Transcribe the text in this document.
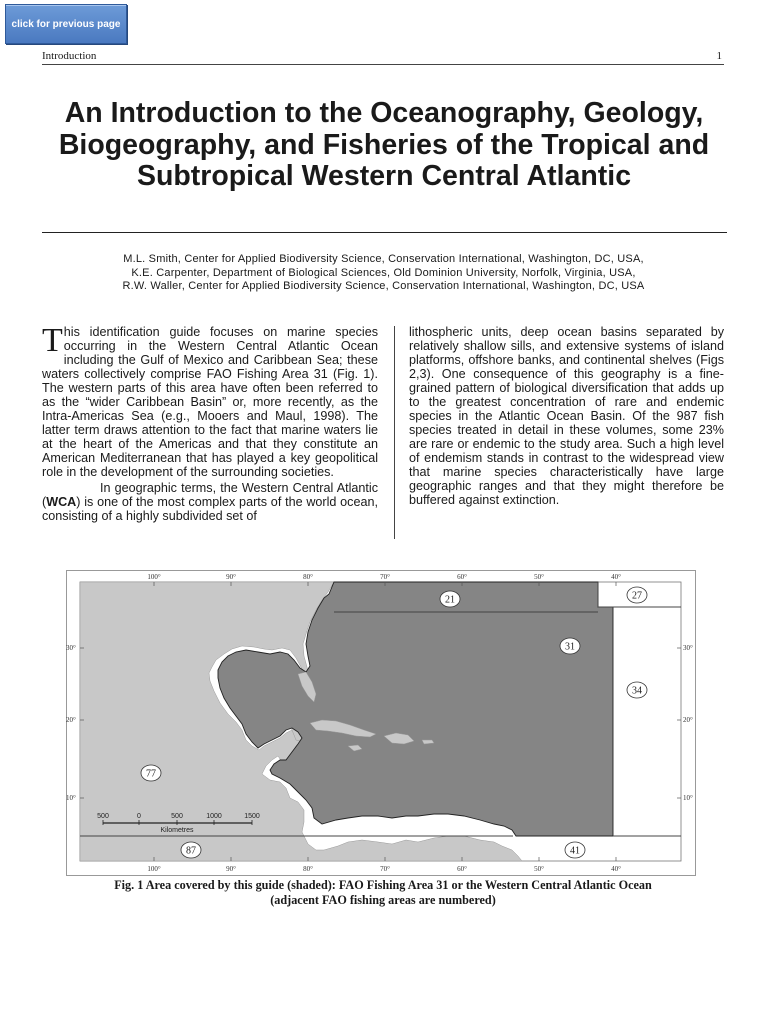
click for previous page
Introduction	1
An Introduction to the Oceanography, Geology, Biogeography, and Fisheries of the Tropical and Subtropical Western Central Atlantic
M.L. Smith, Center for Applied Biodiversity Science, Conservation International, Washington, DC, USA,
K.E. Carpenter, Department of Biological Sciences, Old Dominion University, Norfolk, Virginia, USA,
R.W. Waller, Center for Applied Biodiversity Science, Conservation International, Washington, DC, USA

This identification guide focuses on marine species occurring in the Western Central Atlantic Ocean including the Gulf of Mexico and Caribbean Sea; these waters collectively comprise FAO Fishing Area 31 (Fig. 1). The western parts of this area have often been referred to as the “wider Caribbean Basin” or, more recently, as the Intra-Americas Sea (e.g., Mooers and Maul, 1998). The latter term draws attention to the fact that marine waters lie at the heart of the Americas and that they constitute an American Mediterranean that has played a key geopolitical role in the development of the surrounding societies.

In geographic terms, the Western Central Atlantic (WCA) is one of the most complex parts of the world ocean, consisting of a highly subdivided set of

lithospheric units, deep ocean basins separated by relatively shallow sills, and extensive systems of island platforms, offshore banks, and continental shelves (Figs 2,3). One consequence of this geography is a fine-grained pattern of biological diversification that adds up to the greatest concentration of rare and endemic species in the Atlantic Ocean Basin. Of the 987 fish species treated in detail in these volumes, some 23% are rare or endemic to the study area. Such a high level of endemism stands in contrast to the widespread view that marine species characteristically have large geographic ranges and that they might therefore be buffered against extinction.

100°	90°	80°	70°	60°	50°	40°
100°	90°	80°	70°	60°	50°	40°
30°
20°
10°
30°
20°
10°
21	27
31
34
77
87	41
500	0	500	1000	1500
Kilometres
Fig. 1 Area covered by this guide (shaded): FAO Fishing Area 31 or the Western Central Atlantic Ocean
(adjacent FAO fishing areas are numbered)
